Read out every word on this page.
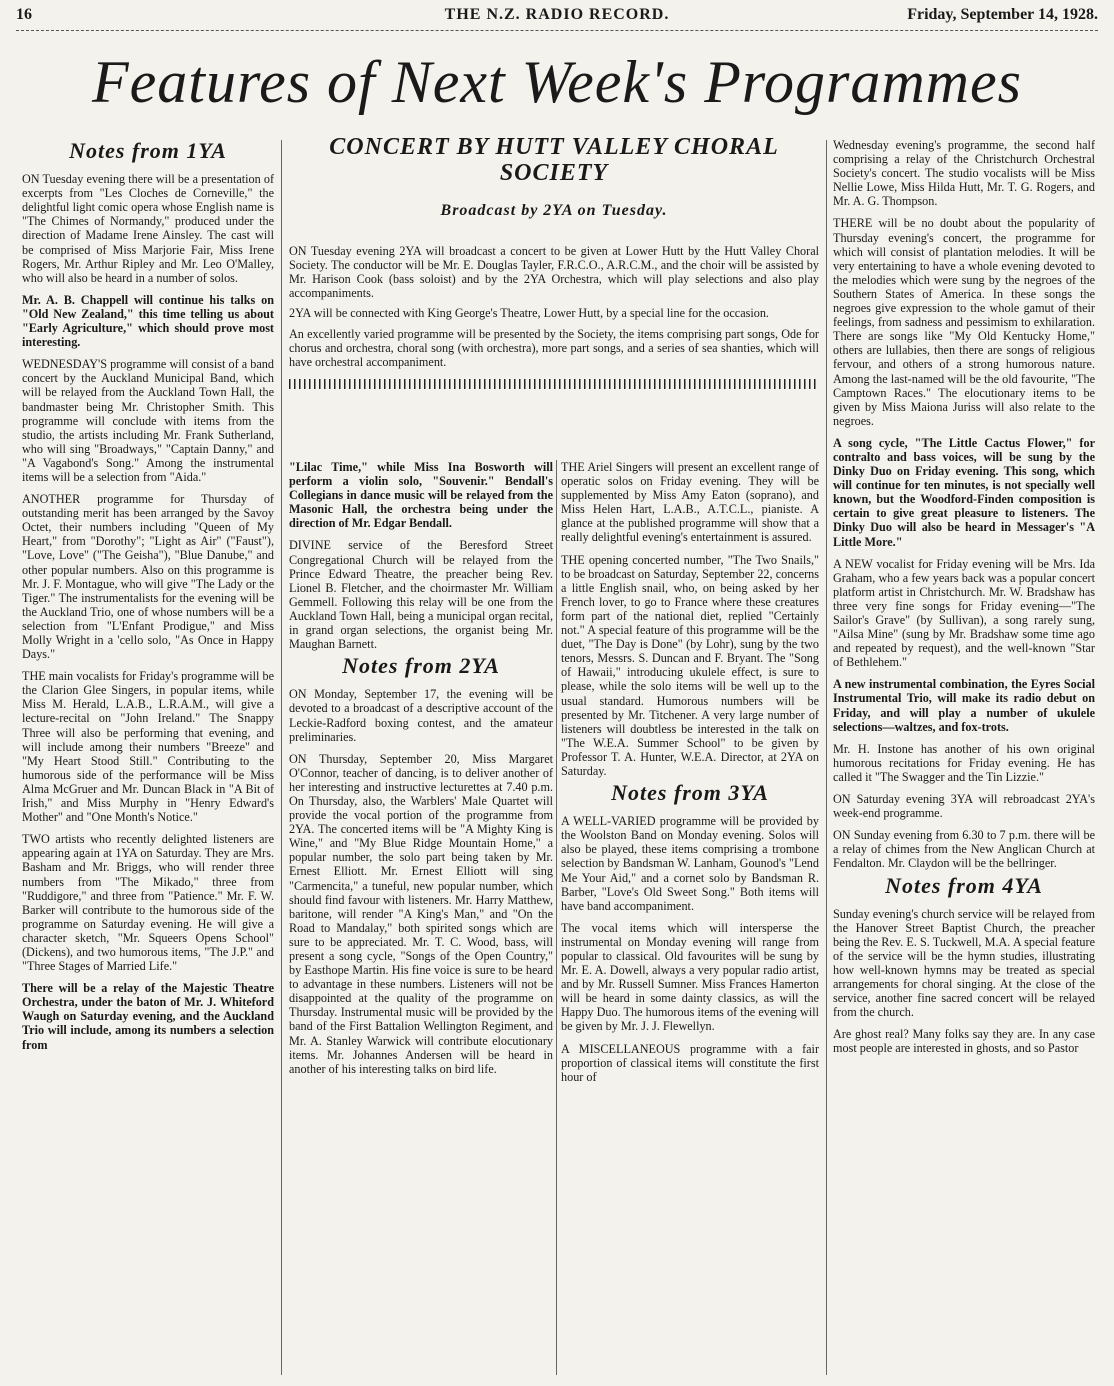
16	THE N.Z. RADIO RECORD.	Friday, September 14, 1928.
Features of Next Week's Programmes
Notes from 1YA

ON Tuesday evening there will be a presentation of excerpts from "Les Cloches de Corneville," the delightful light comic opera whose English name is "The Chimes of Normandy," produced under the direction of Madame Irene Ainsley. The cast will be comprised of Miss Marjorie Fair, Miss Irene Rogers, Mr. Arthur Ripley and Mr. Leo O'Malley, who will also be heard in a number of solos.

Mr. A. B. Chappell will continue his talks on "Old New Zealand," this time telling us about "Early Agriculture," which should prove most interesting.

WEDNESDAY'S programme will consist of a band concert by the Auckland Municipal Band, which will be relayed from the Auckland Town Hall, the bandmaster being Mr. Christopher Smith. This programme will conclude with items from the studio, the artists including Mr. Frank Sutherland, who will sing "Broadways," "Captain Danny," and "A Vagabond's Song." Among the instrumental items will be a selection from "Aida."

ANOTHER programme for Thursday of outstanding merit has been arranged by the Savoy Octet, their numbers including "Queen of My Heart," from "Dorothy"; "Light as Air" ("Faust"), "Love, Love" ("The Geisha"), "Blue Danube," and other popular numbers. Also on this programme is Mr. J. F. Montague, who will give "The Lady or the Tiger." The instrumentalists for the evening will be the Auckland Trio, one of whose numbers will be a selection from "L'Enfant Prodigue," and Miss Molly Wright in a 'cello solo, "As Once in Happy Days."

THE main vocalists for Friday's programme will be the Clarion Glee Singers, in popular items, while Miss M. Herald, L.A.B., L.R.A.M., will give a lecture-recital on "John Ireland." The Snappy Three will also be performing that evening, and will include among their numbers "Breeze" and "My Heart Stood Still." Contributing to the humorous side of the performance will be Miss Alma McGruer and Mr. Duncan Black in "A Bit of Irish," and Miss Murphy in "Henry Edward's Mother" and "One Month's Notice."

TWO artists who recently delighted listeners are appearing again at 1YA on Saturday. They are Mrs. Basham and Mr. Briggs, who will render three numbers from "The Mikado," three from "Ruddigore," and three from "Patience." Mr. F. W. Barker will contribute to the humorous side of the programme on Saturday evening. He will give a character sketch, "Mr. Squeers Opens School" (Dickens), and two humorous items, "The J.P." and "Three Stages of Married Life."

There will be a relay of the Majestic Theatre Orchestra, under the baton of Mr. J. Whiteford Waugh on Saturday evening, and the Auckland Trio will include, among its numbers a selection from

CONCERT BY HUTT VALLEY CHORAL SOCIETY
Broadcast by 2YA on Tuesday.

ON Tuesday evening 2YA will broadcast a concert to be given at Lower Hutt by the Hutt Valley Choral Society. The conductor will be Mr. E. Douglas Tayler, F.R.C.O., A.R.C.M., and the choir will be assisted by Mr. Harison Cook (bass soloist) and by the 2YA Orchestra, which will play selections and also play accompaniments.

2YA will be connected with King George's Theatre, Lower Hutt, by a special line for the occasion.

An excellently varied programme will be presented by the Society, the items comprising part songs, Ode for chorus and orchestra, choral song (with orchestra), more part songs, and a series of sea shanties, which will have orchestral accompaniment.

"Lilac Time," while Miss Ina Bosworth will perform a violin solo, "Souvenir." Bendall's Collegians in dance music will be relayed from the Masonic Hall, the orchestra being under the direction of Mr. Edgar Bendall.

DIVINE service of the Beresford Street Congregational Church will be relayed from the Prince Edward Theatre, the preacher being Rev. Lionel B. Fletcher, and the choirmaster Mr. William Gemmell. Following this relay will be one from the Auckland Town Hall, being a municipal organ recital, in grand organ selections, the organist being Mr. Maughan Barnett.

Notes from 2YA

ON Monday, September 17, the evening will be devoted to a broadcast of a descriptive account of the Leckie-Radford boxing contest, and the amateur preliminaries.

ON Thursday, September 20, Miss Margaret O'Connor, teacher of dancing, is to deliver another of her interesting and instructive lecturettes at 7.40 p.m. On Thursday, also, the Warblers' Male Quartet will provide the vocal portion of the programme from 2YA. The concerted items will be "A Mighty King is Wine," and "My Blue Ridge Mountain Home," a popular number, the solo part being taken by Mr. Ernest Elliott. Mr. Ernest Elliott will sing "Carmencita," a tuneful, new popular number, which should find favour with listeners. Mr. Harry Matthew, baritone, will render "A King's Man," and "On the Road to Mandalay," both spirited songs which are sure to be appreciated. Mr. T. C. Wood, bass, will present a song cycle, "Songs of the Open Country," by Easthope Martin. His fine voice is sure to be heard to advantage in these numbers. Listeners will not be disappointed at the quality of the programme on Thursday. Instrumental music will be provided by the band of the First Battalion Wellington Regiment, and Mr. A. Stanley Warwick will contribute elocutionary items. Mr. Johannes Andersen will be heard in another of his interesting talks on bird life.

THE Ariel Singers will present an excellent range of operatic solos on Friday evening. They will be supplemented by Miss Amy Eaton (soprano), and Miss Helen Hart, L.A.B., A.T.C.L., pianiste. A glance at the published programme will show that a really delightful evening's entertainment is assured.

THE opening concerted number, "The Two Snails," to be broadcast on Saturday, September 22, concerns a little English snail, who, on being asked by her French lover, to go to France where these creatures form part of the national diet, replied "Certainly not." A special feature of this programme will be the duet, "The Day is Done" (by Lohr), sung by the two tenors, Messrs. S. Duncan and F. Bryant. The "Song of Hawaii," introducing ukulele effect, is sure to please, while the solo items will be well up to the usual standard. Humorous numbers will be presented by Mr. Titchener. A very large number of listeners will doubtless be interested in the talk on "The W.E.A. Summer School" to be given by Professor T. A. Hunter, W.E.A. Director, at 2YA on Saturday.

Notes from 3YA

A WELL-VARIED programme will be provided by the Woolston Band on Monday evening. Solos will also be played, these items comprising a trombone selection by Bandsman W. Lanham, Gounod's "Lend Me Your Aid," and a cornet solo by Bandsman R. Barber, "Love's Old Sweet Song." Both items will have band accompaniment.

The vocal items which will intersperse the instrumental on Monday evening will range from popular to classical. Old favourites will be sung by Mr. E. A. Dowell, always a very popular radio artist, and by Mr. Russell Sumner. Miss Frances Hamerton will be heard in some dainty classics, as will the Happy Duo. The humorous items of the evening will be given by Mr. J. J. Flewellyn.

A MISCELLANEOUS programme with a fair proportion of classical items will constitute the first hour of

Wednesday evening's programme, the second half comprising a relay of the Christchurch Orchestral Society's concert. The studio vocalists will be Miss Nellie Lowe, Miss Hilda Hutt, Mr. T. G. Rogers, and Mr. A. G. Thompson.

THERE will be no doubt about the popularity of Thursday evening's concert, the programme for which will consist of plantation melodies. It will be very entertaining to have a whole evening devoted to the melodies which were sung by the negroes of the Southern States of America. In these songs the negroes give expression to the whole gamut of their feelings, from sadness and pessimism to exhilaration. There are songs like "My Old Kentucky Home," others are lullabies, then there are songs of religious fervour, and others of a strong humorous nature. Among the last-named will be the old favourite, "The Camptown Races." The elocutionary items to be given by Miss Maiona Juriss will also relate to the negroes.

A song cycle, "The Little Cactus Flower," for contralto and bass voices, will be sung by the Dinky Duo on Friday evening. This song, which will continue for ten minutes, is not specially well known, but the Woodford-Finden composition is certain to give great pleasure to listeners. The Dinky Duo will also be heard in Messager's "A Little More."

A NEW vocalist for Friday evening will be Mrs. Ida Graham, who a few years back was a popular concert platform artist in Christchurch. Mr. W. Bradshaw has three very fine songs for Friday evening—"The Sailor's Grave" (by Sullivan), a song rarely sung, "Ailsa Mine" (sung by Mr. Bradshaw some time ago and repeated by request), and the well-known "Star of Bethlehem."

A new instrumental combination, the Eyres Social Instrumental Trio, will make its radio debut on Friday, and will play a number of ukulele selections—waltzes, and fox-trots.

Mr. H. Instone has another of his own original humorous recitations for Friday evening. He has called it "The Swagger and the Tin Lizzie."

ON Saturday evening 3YA will rebroadcast 2YA's week-end programme.

ON Sunday evening from 6.30 to 7 p.m. there will be a relay of chimes from the New Anglican Church at Fendalton. Mr. Claydon will be the bellringer.

Notes from 4YA

Sunday evening's church service will be relayed from the Hanover Street Baptist Church, the preacher being the Rev. E. S. Tuckwell, M.A. A special feature of the service will be the hymn studies, illustrating how well-known hymns may be treated as special arrangements for choral singing. At the close of the service, another fine sacred concert will be relayed from the church.

Are ghost real? Many folks say they are. In any case most people are interested in ghosts, and so Pastor
